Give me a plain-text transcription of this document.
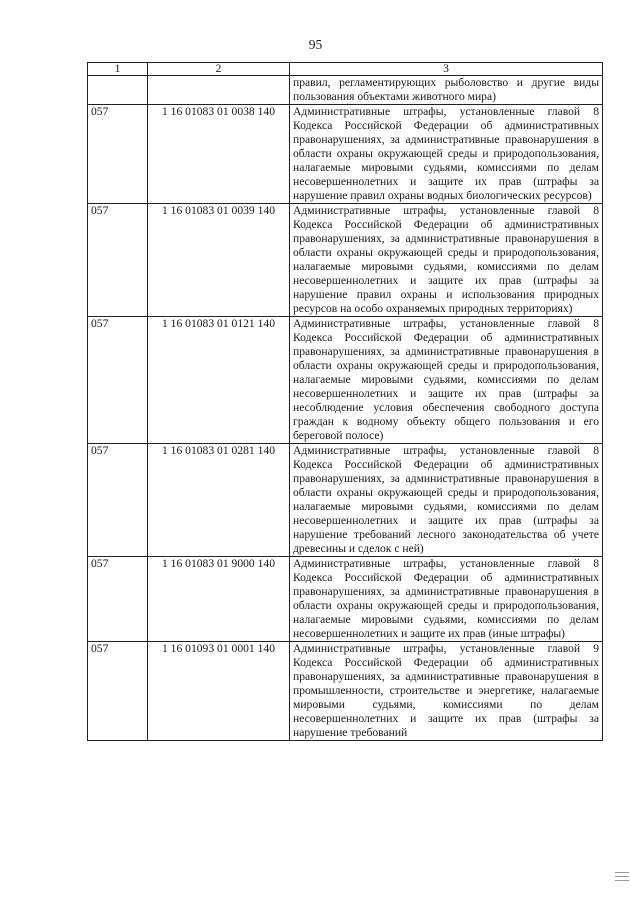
95
1	2	3
		правил, регламентирующих рыболовство и другие виды пользования объектами животного мира)
057	1 16 01083 01 0038 140	Административные штрафы, установленные главой 8 Кодекса Российской Федерации об административных правонарушениях, за административные правонарушения в области охраны окружающей среды и природопользования, налагаемые мировыми судьями, комиссиями по делам несовершеннолетних и защите их прав (штрафы за нарушение правил охраны водных биологических ресурсов)
057	1 16 01083 01 0039 140	Административные штрафы, установленные главой 8 Кодекса Российской Федерации об административных правонарушениях, за административные правонарушения в области охраны окружающей среды и природопользования, налагаемые мировыми судьями, комиссиями по делам несовершеннолетних и защите их прав (штрафы за нарушение правил охраны и использования природных ресурсов на особо охраняемых природных территориях)
057	1 16 01083 01 0121 140	Административные штрафы, установленные главой 8 Кодекса Российской Федерации об административных правонарушениях, за административные правонарушения в области охраны окружающей среды и природопользования, налагаемые мировыми судьями, комиссиями по делам несовершеннолетних и защите их прав (штрафы за несоблюдение условия обеспечения свободного доступа граждан к водному объекту общего пользования и его береговой полосе)
057	1 16 01083 01 0281 140	Административные штрафы, установленные главой 8 Кодекса Российской Федерации об административных правонарушениях, за административные правонарушения в области охраны окружающей среды и природопользования, налагаемые мировыми судьями, комиссиями по делам несовершеннолетних и защите их прав (штрафы за нарушение требований лесного законодательства об учете древесины и сделок с ней)
057	1 16 01083 01 9000 140	Административные штрафы, установленные главой 8 Кодекса Российской Федерации об административных правонарушениях, за административные правонарушения в области охраны окружающей среды и природопользования, налагаемые мировыми судьями, комиссиями по делам несовершеннолетних и защите их прав (иные штрафы)
057	1 16 01093 01 0001 140	Административные штрафы, установленные главой 9 Кодекса Российской Федерации об административных правонарушениях, за административные правонарушения в промышленности, строительстве и энергетике, налагаемые мировыми судьями, комиссиями по делам несовершеннолетних и защите их прав (штрафы за нарушение требований
